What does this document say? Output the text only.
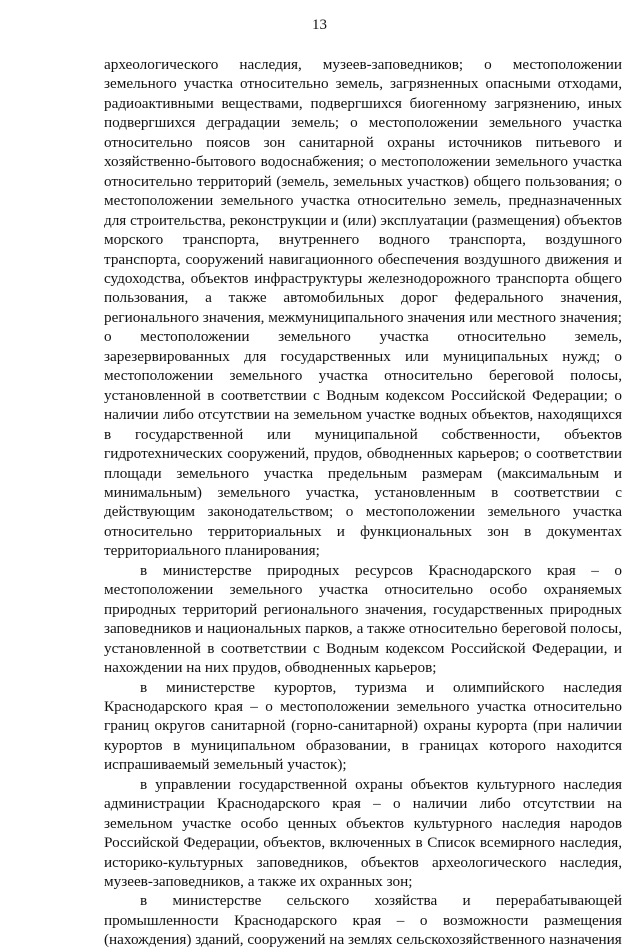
13

археологического наследия, музеев-заповедников; о местоположении земельного участка относительно земель, загрязненных опасными отходами, радиоактивными веществами, подвергшихся биогенному загрязнению, иных подвергшихся деградации земель; о местоположении земельного участка относительно поясов зон санитарной охраны источников питьевого и хозяйственно-бытового водоснабжения; о местоположении земельного участка относительно территорий (земель, земельных участков) общего пользования; о местоположении земельного участка относительно земель, предназначенных для строительства, реконструкции и (или) эксплуатации (размещения) объектов морского транспорта, внутреннего водного транспорта, воздушного транспорта, сооружений навигационного обеспечения воздушного движения и судоходства, объектов инфраструктуры железнодорожного транспорта общего пользования, а также автомобильных дорог федерального значения, регионального значения, межмуниципального значения или местного значения; о местоположении земельного участка относительно земель, зарезервированных для государственных или муниципальных нужд; о местоположении земельного участка относительно береговой полосы, установленной в соответствии с Водным кодексом Российской Федерации; о наличии либо отсутствии на земельном участке водных объектов, находящихся в государственной или муниципальной собственности, объектов гидротехнических сооружений, прудов, обводненных карьеров; о соответствии площади земельного участка предельным размерам (максимальным и минимальным) земельного участка, установленным в соответствии с действующим законодательством; о местоположении земельного участка относительно территориальных и функциональных зон в документах территориального планирования;

в министерстве природных ресурсов Краснодарского края – о местоположении земельного участка относительно особо охраняемых природных территорий регионального значения, государственных природных заповедников и национальных парков, а также относительно береговой полосы, установленной в соответствии с Водным кодексом Российской Федерации, и нахождении на них прудов, обводненных карьеров;

в министерстве курортов, туризма и олимпийского наследия Краснодарского края – о местоположении земельного участка относительно границ округов санитарной (горно-санитарной) охраны курорта (при наличии курортов в муниципальном образовании, в границах которого находится испрашиваемый земельный участок);

в управлении государственной охраны объектов культурного наследия администрации Краснодарского края – о наличии либо отсутствии на земельном участке особо ценных объектов культурного наследия народов Российской Федерации, объектов, включенных в Список всемирного наследия, историко-культурных заповедников, объектов археологического наследия, музеев-заповедников, а также их охранных зон;

в министерстве сельского хозяйства и перерабатывающей промышленности Краснодарского края – о возможности размещения (нахождения) зданий, сооружений на землях сельскохозяйственного назначения
